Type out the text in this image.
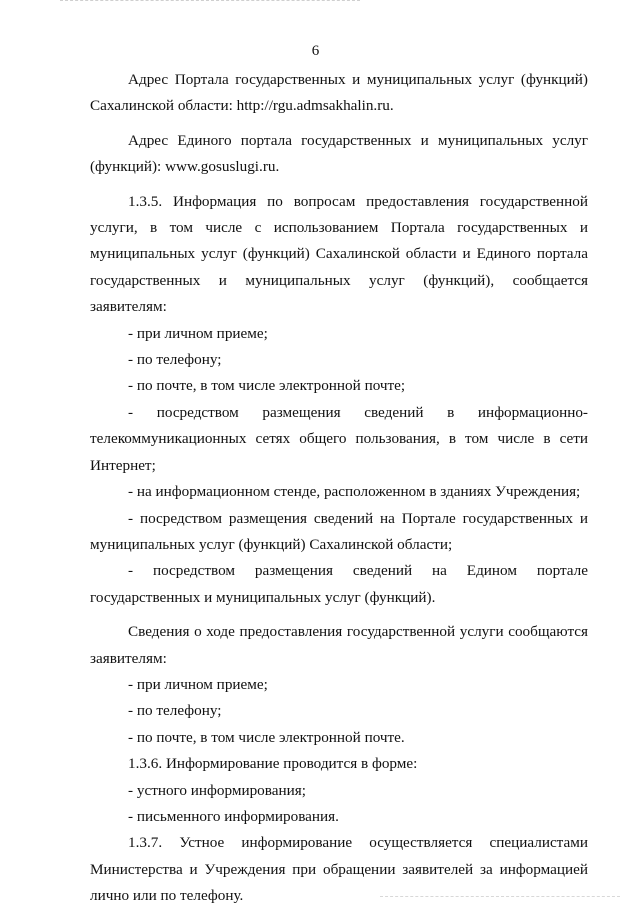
6

Адрес Портала государственных и муниципальных услуг (функций) Сахалинской области: http://rgu.admsakhalin.ru.

Адрес Единого портала государственных и муниципальных услуг (функций): www.gosuslugi.ru.

1.3.5. Информация по вопросам предоставления государственной услуги, в том числе с использованием Портала государственных и муниципальных услуг (функций) Сахалинской области и Единого портала государственных и муниципальных услуг (функций), сообщается заявителям:

- при личном приеме;

- по телефону;

- по почте, в том числе электронной почте;

- посредством размещения сведений в информационно-телекоммуникационных сетях общего пользования, в том числе в сети Интернет;

- на информационном стенде, расположенном в зданиях Учреждения;

- посредством размещения сведений на Портале государственных и муниципальных услуг (функций) Сахалинской области;

- посредством размещения сведений на Едином портале государственных и муниципальных услуг (функций).

Сведения о ходе предоставления государственной услуги сообщаются заявителям:

- при личном приеме;

- по телефону;

- по почте, в том числе электронной почте.

1.3.6. Информирование проводится в форме:

- устного информирования;

- письменного информирования.

1.3.7. Устное информирование осуществляется специалистами Министерства и Учреждения при обращении заявителей за информацией лично или по телефону.
